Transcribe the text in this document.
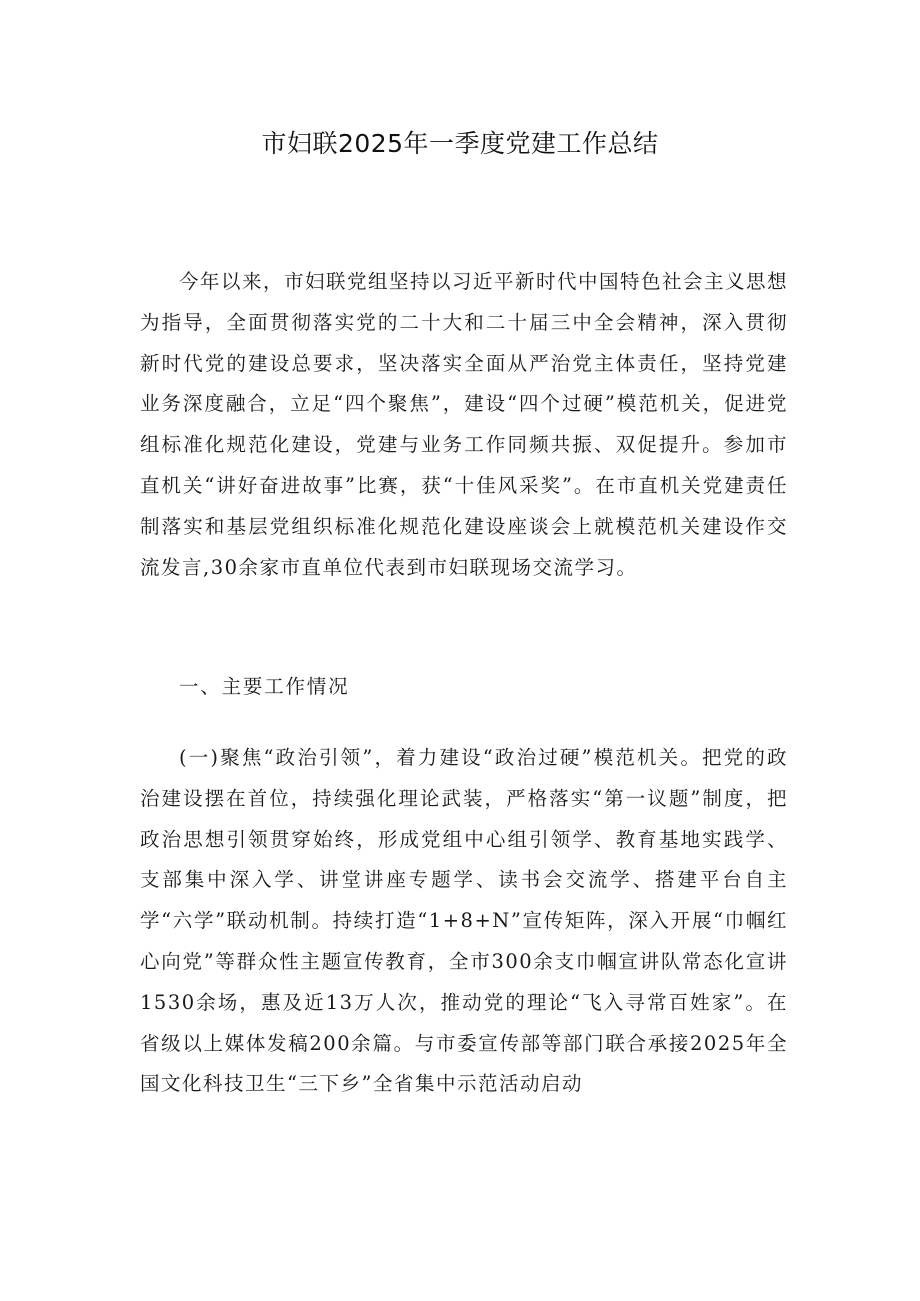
市妇联2025年一季度党建工作总结

今年以来，市妇联党组坚持以习近平新时代中国特色社会主义思想为指导，全面贯彻落实党的二十大和二十届三中全会精神，深入贯彻新时代党的建设总要求，坚决落实全面从严治党主体责任，坚持党建业务深度融合，立足“四个聚焦”，建设“四个过硬”模范机关，促进党组标准化规范化建设，党建与业务工作同频共振、双促提升。参加市直机关“讲好奋进故事”比赛，获“十佳风采奖”。在市直机关党建责任制落实和基层党组织标准化规范化建设座谈会上就模范机关建设作交流发言,30余家市直单位代表到市妇联现场交流学习。

一、主要工作情况

(一)聚焦“政治引领”，着力建设“政治过硬”模范机关。把党的政治建设摆在首位，持续强化理论武装，严格落实“第一议题”制度，把政治思想引领贯穿始终，形成党组中心组引领学、教育基地实践学、支部集中深入学、讲堂讲座专题学、读书会交流学、搭建平台自主学“六学”联动机制。持续打造“1+8+N”宣传矩阵，深入开展“巾帼红心向党”等群众性主题宣传教育，全市300余支巾帼宣讲队常态化宣讲1530余场，惠及近13万人次，推动党的理论“飞入寻常百姓家”。在省级以上媒体发稿200余篇。与市委宣传部等部门联合承接2025年全国文化科技卫生“三下乡”全省集中示范活动启动
